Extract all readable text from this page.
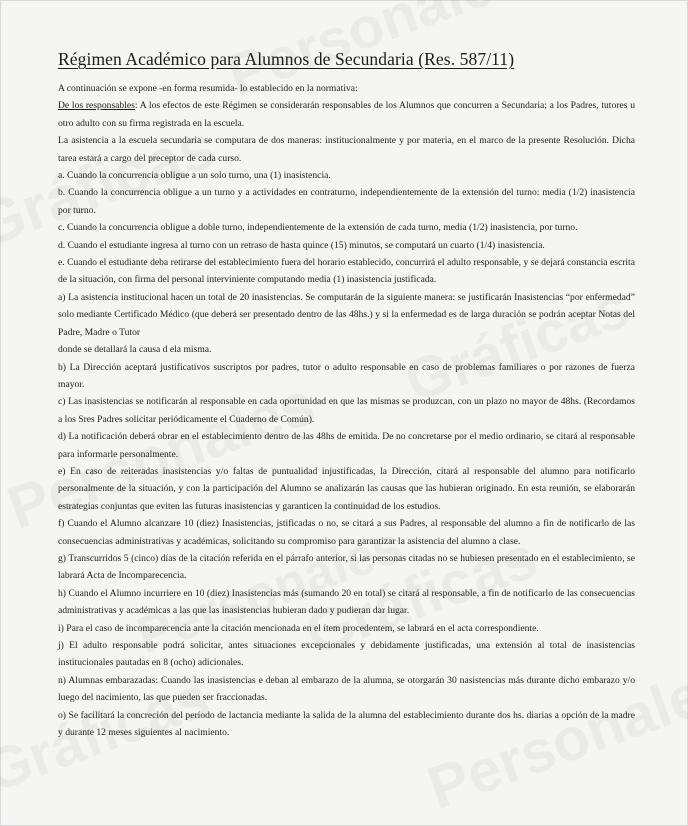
Régimen Académico para Alumnos de Secundaria (Res. 587/11)

A continuación se expone -en forma resumida- lo establecido en la normativa:

De los responsables: A los efectos de este Régimen se considerarán responsables de los Alumnos que concurren a Secundaria; a los Padres, tutores u otro adulto con su firma registrada en la escuela.

La asistencia a la escuela secundaria se computara de dos maneras: institucionalmente y por materia, en el marco de la presente Resolución. Dicha tarea estará a cargo del preceptor de cada curso.

a. Cuando la concurrencia obligue a un solo turno, una (1) inasistencia.

b. Cuando la concurrencia obligue a un turno y a actividades en contraturno, independientemente de la extensión del turno: media (1/2) inasistencia por turno.

c. Cuando la concurrencia obligue a doble turno, independientemente de la extensión de cada turno, media (1/2) inasistencia, por turno.

d. Cuando el estudiante ingresa al turno con un retraso de hasta quince (15) minutos, se computará un cuarto (1/4) inasistencia.

e. Cuando el estudiante deba retirarse del establecimiento fuera del horario establecido, concurrirá el adulto responsable, y se dejará constancia escrita de la situación, con firma del personal interviniente computando media (1) inasistencia justificada.

a) La asistencia institucional hacen un total de 20 inasistencias. Se computarán de la siguiente manera: se justificarán Inasistencias “por enfermedad” solo mediante Certificado Médico (que deberá ser presentado dentro de las 48hs.) y si la enfermedad es de larga duración se podrán aceptar Notas del Padre, Madre o Tutor

donde se detallará la causa d ela misma.

b) La Dirección aceptará justificativos suscriptos por padres, tutor o adulto responsable en caso de problemas familiares o por razones de fuerza mayor.

c) Las inasistencias se notificarán al responsable en cada oportunidad en que las mismas se produzcan, con un plazo no mayor de 48hs. (Recordamos a los Sres Padres solicitar periódicamente el Cuaderno de Común).

d) La notificación deberá obrar en el establecimiento dentro de las 48hs de emitida. De no concretarse por el medio ordinario, se citará al responsable para informarle personalmente.

e) En caso de reiteradas inasistencias y/o faltas de puntualidad injustificadas, la Dirección, citará al responsable del alumno para notificarlo personalmente de la situación, y con la participación del Alumno se analizarán las causas que las hubieran originado. En esta reunión, se elaborarán estrategias conjuntas que eviten las futuras inasistencias y garanticen la continuidad de los estudios.

f) Cuando el Alumno alcanzare 10 (diez) Inasistencias, jstificadas o no, se citará a sus Padres, al responsable del alumno a fin de notificarlo de las consecuencias administrativas y académicas, solicitando su compromiso para garantizar la asistencia del alumno a clase.

g) Transcurridos 5 (cinco) días de la citación referida en el párrafo anterior, si las personas citadas no se hubiesen presentado en el establecimiento, se labrará Acta de Incomparecencia.

h) Cuando el Alumno incurriere en 10 (diez) Inasistencias más (sumando 20 en total) se citará al responsable, a fin de notificarlo de las consecuencias administrativas y académicas a las que las inasistencias hubieran dado y pudieran dar lugar.

i) Para el caso de incomparecencia ante la citación mencionada en el ítem procedentem, se labrará en el acta correspondiente.

j) El adulto responsable podrá solicitar, antes situaciones excepcionales y debidamente justificadas, una extensión al total de inasistencias institucionales pautadas en 8 (ocho) adicionales.

n) Alumnas embarazadas: Cuando las inasistencias e deban al embarazo de la alumna, se otorgarán 30 nasistencias más durante dicho embarazo y/o luego del nacimiento, las que pueden ser fraccionadas.

o) Se facilitará la concreción del período de lactancia mediante la salida de la alumna del establecimiento durante dos hs. diarias a opción de la madre y durante 12 meses siguientes al nacimiento.
